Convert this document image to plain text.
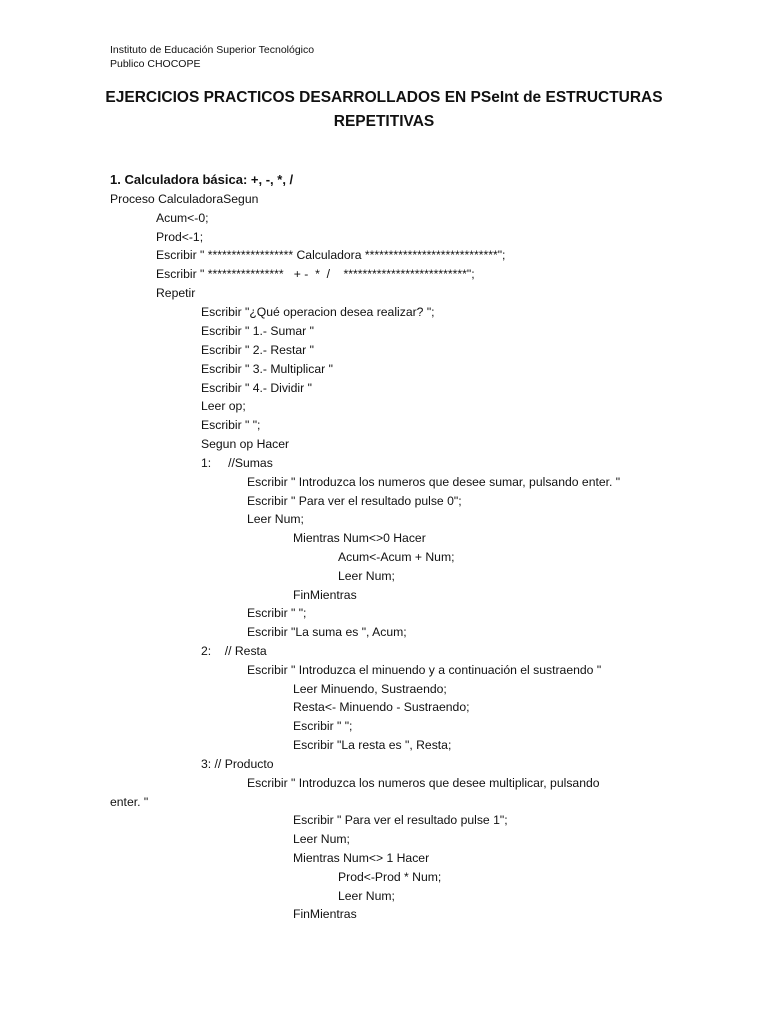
Instituto de Educación Superior Tecnológico
Publico CHOCOPE
EJERCICIOS PRACTICOS DESARROLLADOS EN PSeInt de ESTRUCTURAS
REPETITIVAS
1. Calculadora básica: +, -, *, /
Proceso CalculadoraSegun
Acum<-0;
Prod<-1;
Escribir " ****************** Calculadora ****************************";
Escribir " ****************   + -  *  /    **************************";
Repetir
Escribir "¿Qué operacion desea realizar? ";
Escribir " 1.- Sumar "
Escribir " 2.- Restar "
Escribir " 3.- Multiplicar "
Escribir " 4.- Dividir "
Leer op;
Escribir " ";
Segun op Hacer
1:     //Sumas
Escribir " Introduzca los numeros que desee sumar, pulsando enter. "
Escribir " Para ver el resultado pulse 0";
Leer Num;
Mientras Num<>0 Hacer
Acum<-Acum + Num;
Leer Num;
FinMientras
Escribir " ";
Escribir "La suma es ", Acum;
2:    // Resta
Escribir " Introduzca el minuendo y a continuación el sustraendo "
Leer Minuendo, Sustraendo;
Resta<- Minuendo - Sustraendo;
Escribir " ";
Escribir "La resta es ", Resta;
3: // Producto
Escribir " Introduzca los numeros que desee multiplicar, pulsando
enter. "
Escribir " Para ver el resultado pulse 1";
Leer Num;
Mientras Num<> 1 Hacer
Prod<-Prod * Num;
Leer Num;
FinMientras
